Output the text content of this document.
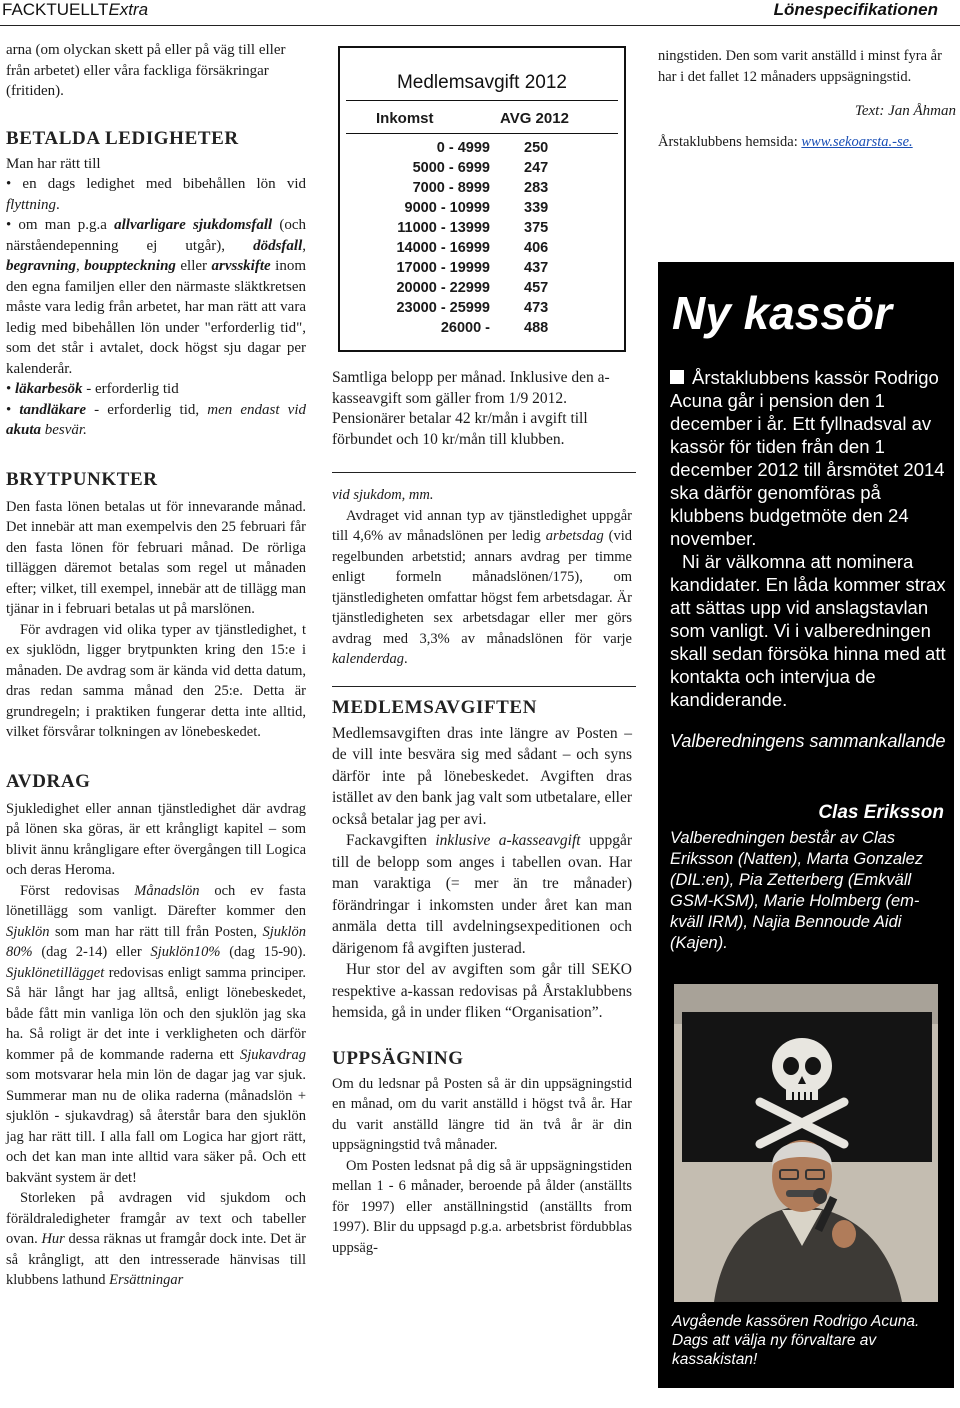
FACKTUELLTExtra	Lönespecifikationen

arna (om olyckan skett på eller på väg till eller från arbetet) eller våra fackliga försäkringar (fritiden).

BETALDA LEDIGHETER

Man har rätt till

• en dags ledighet med bibehållen lön vid flyttning.

• om man p.g.a allvarligare sjukdomsfall (och närståendepenning ej utgår), dödsfall, begravning, bouppteckning eller arvsskifte inom den egna familjen eller den närmaste släktkretsen måste vara ledig från arbetet, har man rätt att vara ledig med bibehållen lön under "erforderlig tid", som det står i avtalet, dock högst sju dagar per kalenderår.

• läkarbesök - erforderlig tid

• tandläkare - erforderlig tid, men endast vid akuta besvär.

BRYTPUNKTER

Den fasta lönen betalas ut för innevarande månad. Det innebär att man exempelvis den 25 februari får den fasta lönen för februari månad. De rörliga tilläggen däremot betalas som regel ut månaden efter; vilket, till exempel, innebär att de tillägg man tjänar in i februari betalas ut på marslönen.

För avdragen vid olika typer av tjänstledighet, t ex sjuklödn, ligger brytpunkten kring den 15:e i månaden. De avdrag som är kända vid detta datum, dras redan samma månad den 25:e. Detta är grundregeln; i praktiken fungerar detta inte alltid, vilket försvårar tolkningen av lönebeskedet.

AVDRAG

Sjukledighet eller annan tjänstledighet där avdrag på lönen ska göras, är ett krångligt kapitel – som blivit ännu krångligare efter övergången till Logica och deras Heroma.

Först redovisas Månadslön och ev fasta lönetillägg som vanligt. Därefter kommer den Sjuklön som man har rätt till från Posten, Sjuklön 80% (dag 2-14) eller Sjuklön10% (dag 15-90). Sjuklönetillägget redovisas enligt samma principer. Så här långt har jag alltså, enligt lönebeskedet, både fått min vanliga lön och den sjuklön jag ska ha. Så roligt är det inte i verkligheten och därför kommer på de kommande raderna ett Sjukavdrag som motsvarar hela min lön de dagar jag var sjuk. Summerar man nu de olika raderna (månadslön + sjuklön - sjukavdrag) så återstår bara den sjuklön jag har rätt till. I alla fall om Logica har gjort rätt, och det kan man inte alltid vara säker på. Och ett bakvänt system är det!

Storleken på avdragen vid sjukdom och föräldraledigheter framgår av text och tabeller ovan. Hur dessa räknas ut framgår dock inte. Det är så krångligt, att den intresserade hänvisas till klubbens lathund Ersättningar

Medlemsavgift 2012
Inkomst	AVG 2012
0 - 4999 250
5000 - 6999 247
7000 - 8999 283
9000 - 10999 339
11000 - 13999 375
14000 - 16999 406
17000 - 19999 437
20000 - 22999 457
23000 - 25999 473
26000 - 488

Samtliga belopp per månad. Inklusive den a-kasseavgift som gäller from 1/9 2012.

Pensionärer betalar 42 kr/mån i avgift till förbundet och 10 kr/mån till klubben.

vid sjukdom, mm.

Avdraget vid annan typ av tjänstledighet uppgår till 4,6% av månadslönen per ledig arbetsdag (vid regelbunden arbetstid; annars avdrag per timme enligt formeln månadslönen/175), om tjänstledigheten omfattar högst fem arbetsdagar. Är tjänstledigheten sex arbetsdagar eller mer görs avdrag med 3,3% av månadslönen för varje kalenderdag.

MEDLEMSAVGIFTEN

Medlemsavgiften dras inte längre av Posten – de vill inte besvära sig med sådant – och syns därför inte på lönebeskedet. Avgiften dras istället av den bank jag valt som utbetalare, eller också betalar jag per avi.

Fackavgiften inklusive a-kasseavgift uppgår till de belopp som anges i tabellen ovan. Har man varaktiga (= mer än tre månader) förändringar i inkomsten under året kan man anmäla detta till avdelningsexpeditionen och därigenom få avgiften justerad.

Hur stor del av avgiften som går till SEKO respektive a-kassan redovisas på Årstaklubbens hemsida, gå in under fliken “Organisation”.

UPPSÄGNING

Om du ledsnar på Posten så är din uppsägningstid en månad, om du varit anställd i högst två år. Har du varit anställd längre tid än två år är din uppsägningstid två månader.

Om Posten ledsnat på dig så är uppsägningstiden mellan 1 - 6 månader, beroende på ålder (anställts för 1997) eller anställningstid (anställts from 1997). Blir du uppsagd p.g.a. arbetsbrist fördubblas uppsäg-

ningstiden. Den som varit anställd i minst fyra år har i det fallet 12 månaders uppsägningstid.

Text: Jan Åhman

Årstaklubbens hemsida: www.sekoarsta.-se.

Ny kassör
Årstaklubbens kassör Rodrigo Acuna går i pension den 1 december i år. Ett fyllnadsval av kassör för tiden från den 1 december 2012 till årsmötet 2014 ska därför genomföras på klubbens budgetmöte den 24 november.
Ni är välkomna att nominera kandidater. En låda kommer strax att sättas upp vid anslagstavlan som vanligt. Vi i valberedningen skall sedan försöka hinna med att kontakta och intervjua de kandiderande.
Valberedningens sammankallande
Clas Eriksson
Valberedningen består av Clas Eriksson (Natten), Marta Gonzalez (DIL:en), Pia Zetterberg (Emkväll GSM-KSM), Marie Holmberg (em-kväll IRM), Najia Bennoude Aidi (Kajen).
Avgående kassören Rodrigo Acuna. Dags att välja ny förvaltare av kassakistan!
